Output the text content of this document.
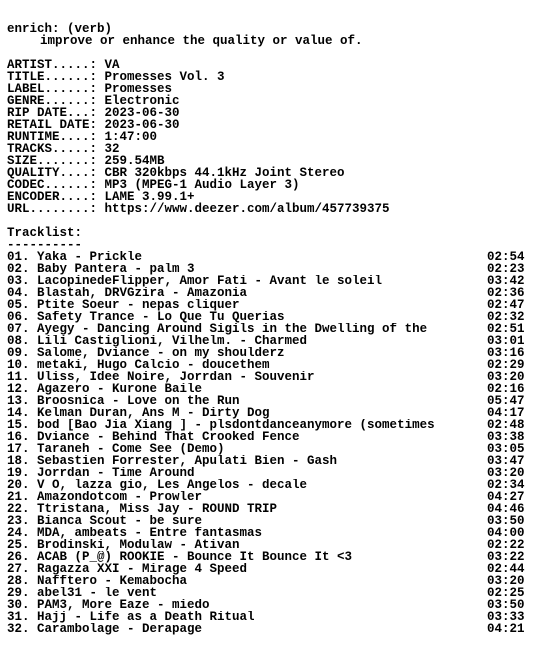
enrich: (verb)
improve or enhance the quality or value of.
ARTIST.....: VA
TITLE......: Promesses Vol. 3
LABEL......: Promesses
GENRE......: Electronic
RIP DATE...: 2023-06-30
RETAIL DATE: 2023-06-30
RUNTIME....: 1:47:00
TRACKS.....: 32
SIZE.......: 259.54MB
QUALITY....: CBR 320kbps 44.1kHz Joint Stereo
CODEC......: MP3 (MPEG-1 Audio Layer 3)
ENCODER....: LAME 3.99.1+
URL........: https://www.deezer.com/album/457739375
Tracklist:
----------
01. Yaka - Prickle	02:54
02. Baby Pantera - palm 3	02:23
03. LacopinedeFlipper, Amor Fati - Avant le soleil	03:42
04. Blastah, DRVGzira - Amazonia	02:36
05. Ptite Soeur - nepas cliquer	02:47
06. Safety Trance - Lo Que Tu Querias	02:32
07. Ayegy - Dancing Around Sigils in the Dwelling of the	02:51
08. Lili Castiglioni, Vilhelm. - Charmed	03:01
09. Salome, Dviance - on my shoulderz	03:16
10. metaki, Hugo Calcio - doucethem	02:29
11. Uliss, Idee Noire, Jorrdan - Souvenir	03:20
12. Agazero - Kurone Baile	02:16
13. Broosnica - Love on the Run	05:47
14. Kelman Duran, Ans M - Dirty Dog	04:17
15. bod [Bao Jia Xiang ] - plsdontdanceanymore (sometimes	02:48
16. Dviance - Behind That Crooked Fence	03:38
17. Taraneh - Come See (Demo)	03:05
18. Sebastien Forrester, Apulati Bien - Gash	03:47
19. Jorrdan - Time Around	03:20
20. V O, lazza gio, Les Angelos - decale	02:34
21. Amazondotcom - Prowler	04:27
22. Ttristana, Miss Jay - ROUND TRIP	04:46
23. Bianca Scout - be sure	03:50
24. MDA, ambeats - Entre fantasmas	04:00
25. Brodinski, Modulaw - Ativan	02:22
26. ACAB (P_@) ROOKIE - Bounce It Bounce It <3	03:22
27. Ragazza XXI - Mirage 4 Speed	02:44
28. Nafftero - Kemabocha	03:20
29. abel31 - le vent	02:25
30. PAM3, More Eaze - miedo	03:50
31. Hajj - Life as a Death Ritual	03:33
32. Carambolage - Derapage	04:21
